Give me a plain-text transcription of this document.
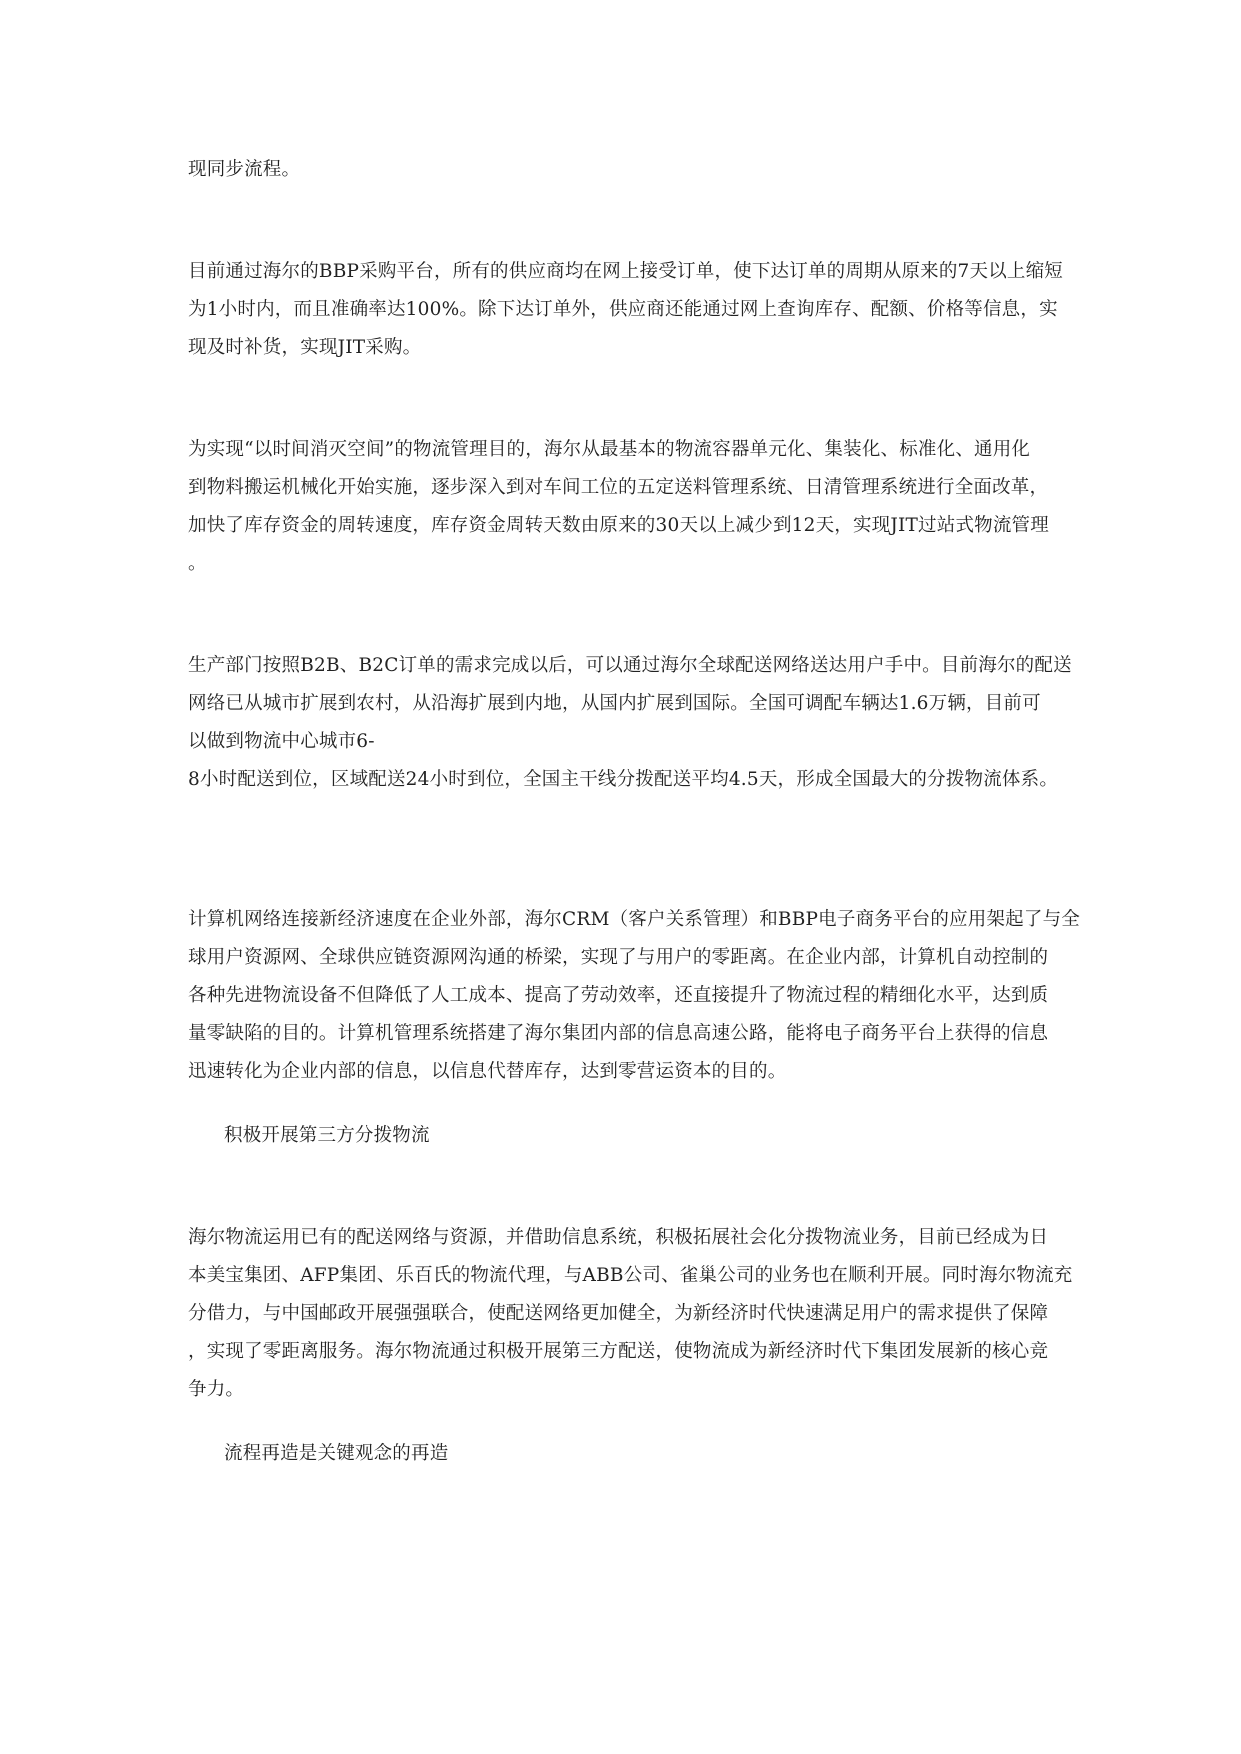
现同步流程。
目前通过海尔的BBP采购平台，所有的供应商均在网上接受订单，使下达订单的周期从原来的7天以上缩短
为1小时内，而且准确率达100%。除下达订单外，供应商还能通过网上查询库存、配额、价格等信息，实
现及时补货，实现JIT采购。
为实现“以时间消灭空间”的物流管理目的，海尔从最基本的物流容器单元化、集装化、标准化、通用化
到物料搬运机械化开始实施，逐步深入到对车间工位的五定送料管理系统、日清管理系统进行全面改革，
加快了库存资金的周转速度，库存资金周转天数由原来的30天以上减少到12天，实现JIT过站式物流管理
。
生产部门按照B2B、B2C订单的需求完成以后，可以通过海尔全球配送网络送达用户手中。目前海尔的配送
网络已从城市扩展到农村，从沿海扩展到内地，从国内扩展到国际。全国可调配车辆达1.6万辆，目前可
以做到物流中心城市6-
8小时配送到位，区域配送24小时到位，全国主干线分拨配送平均4.5天，形成全国最大的分拨物流体系。
计算机网络连接新经济速度在企业外部，海尔CRM（客户关系管理）和BBP电子商务平台的应用架起了与全
球用户资源网、全球供应链资源网沟通的桥梁，实现了与用户的零距离。在企业内部，计算机自动控制的
各种先进物流设备不但降低了人工成本、提高了劳动效率，还直接提升了物流过程的精细化水平，达到质
量零缺陷的目的。计算机管理系统搭建了海尔集团内部的信息高速公路，能将电子商务平台上获得的信息
迅速转化为企业内部的信息，以信息代替库存，达到零营运资本的目的。
积极开展第三方分拨物流
海尔物流运用已有的配送网络与资源，并借助信息系统，积极拓展社会化分拨物流业务，目前已经成为日
本美宝集团、AFP集团、乐百氏的物流代理，与ABB公司、雀巢公司的业务也在顺利开展。同时海尔物流充
分借力，与中国邮政开展强强联合，使配送网络更加健全，为新经济时代快速满足用户的需求提供了保障
，实现了零距离服务。海尔物流通过积极开展第三方配送，使物流成为新经济时代下集团发展新的核心竞
争力。
流程再造是关键观念的再造
